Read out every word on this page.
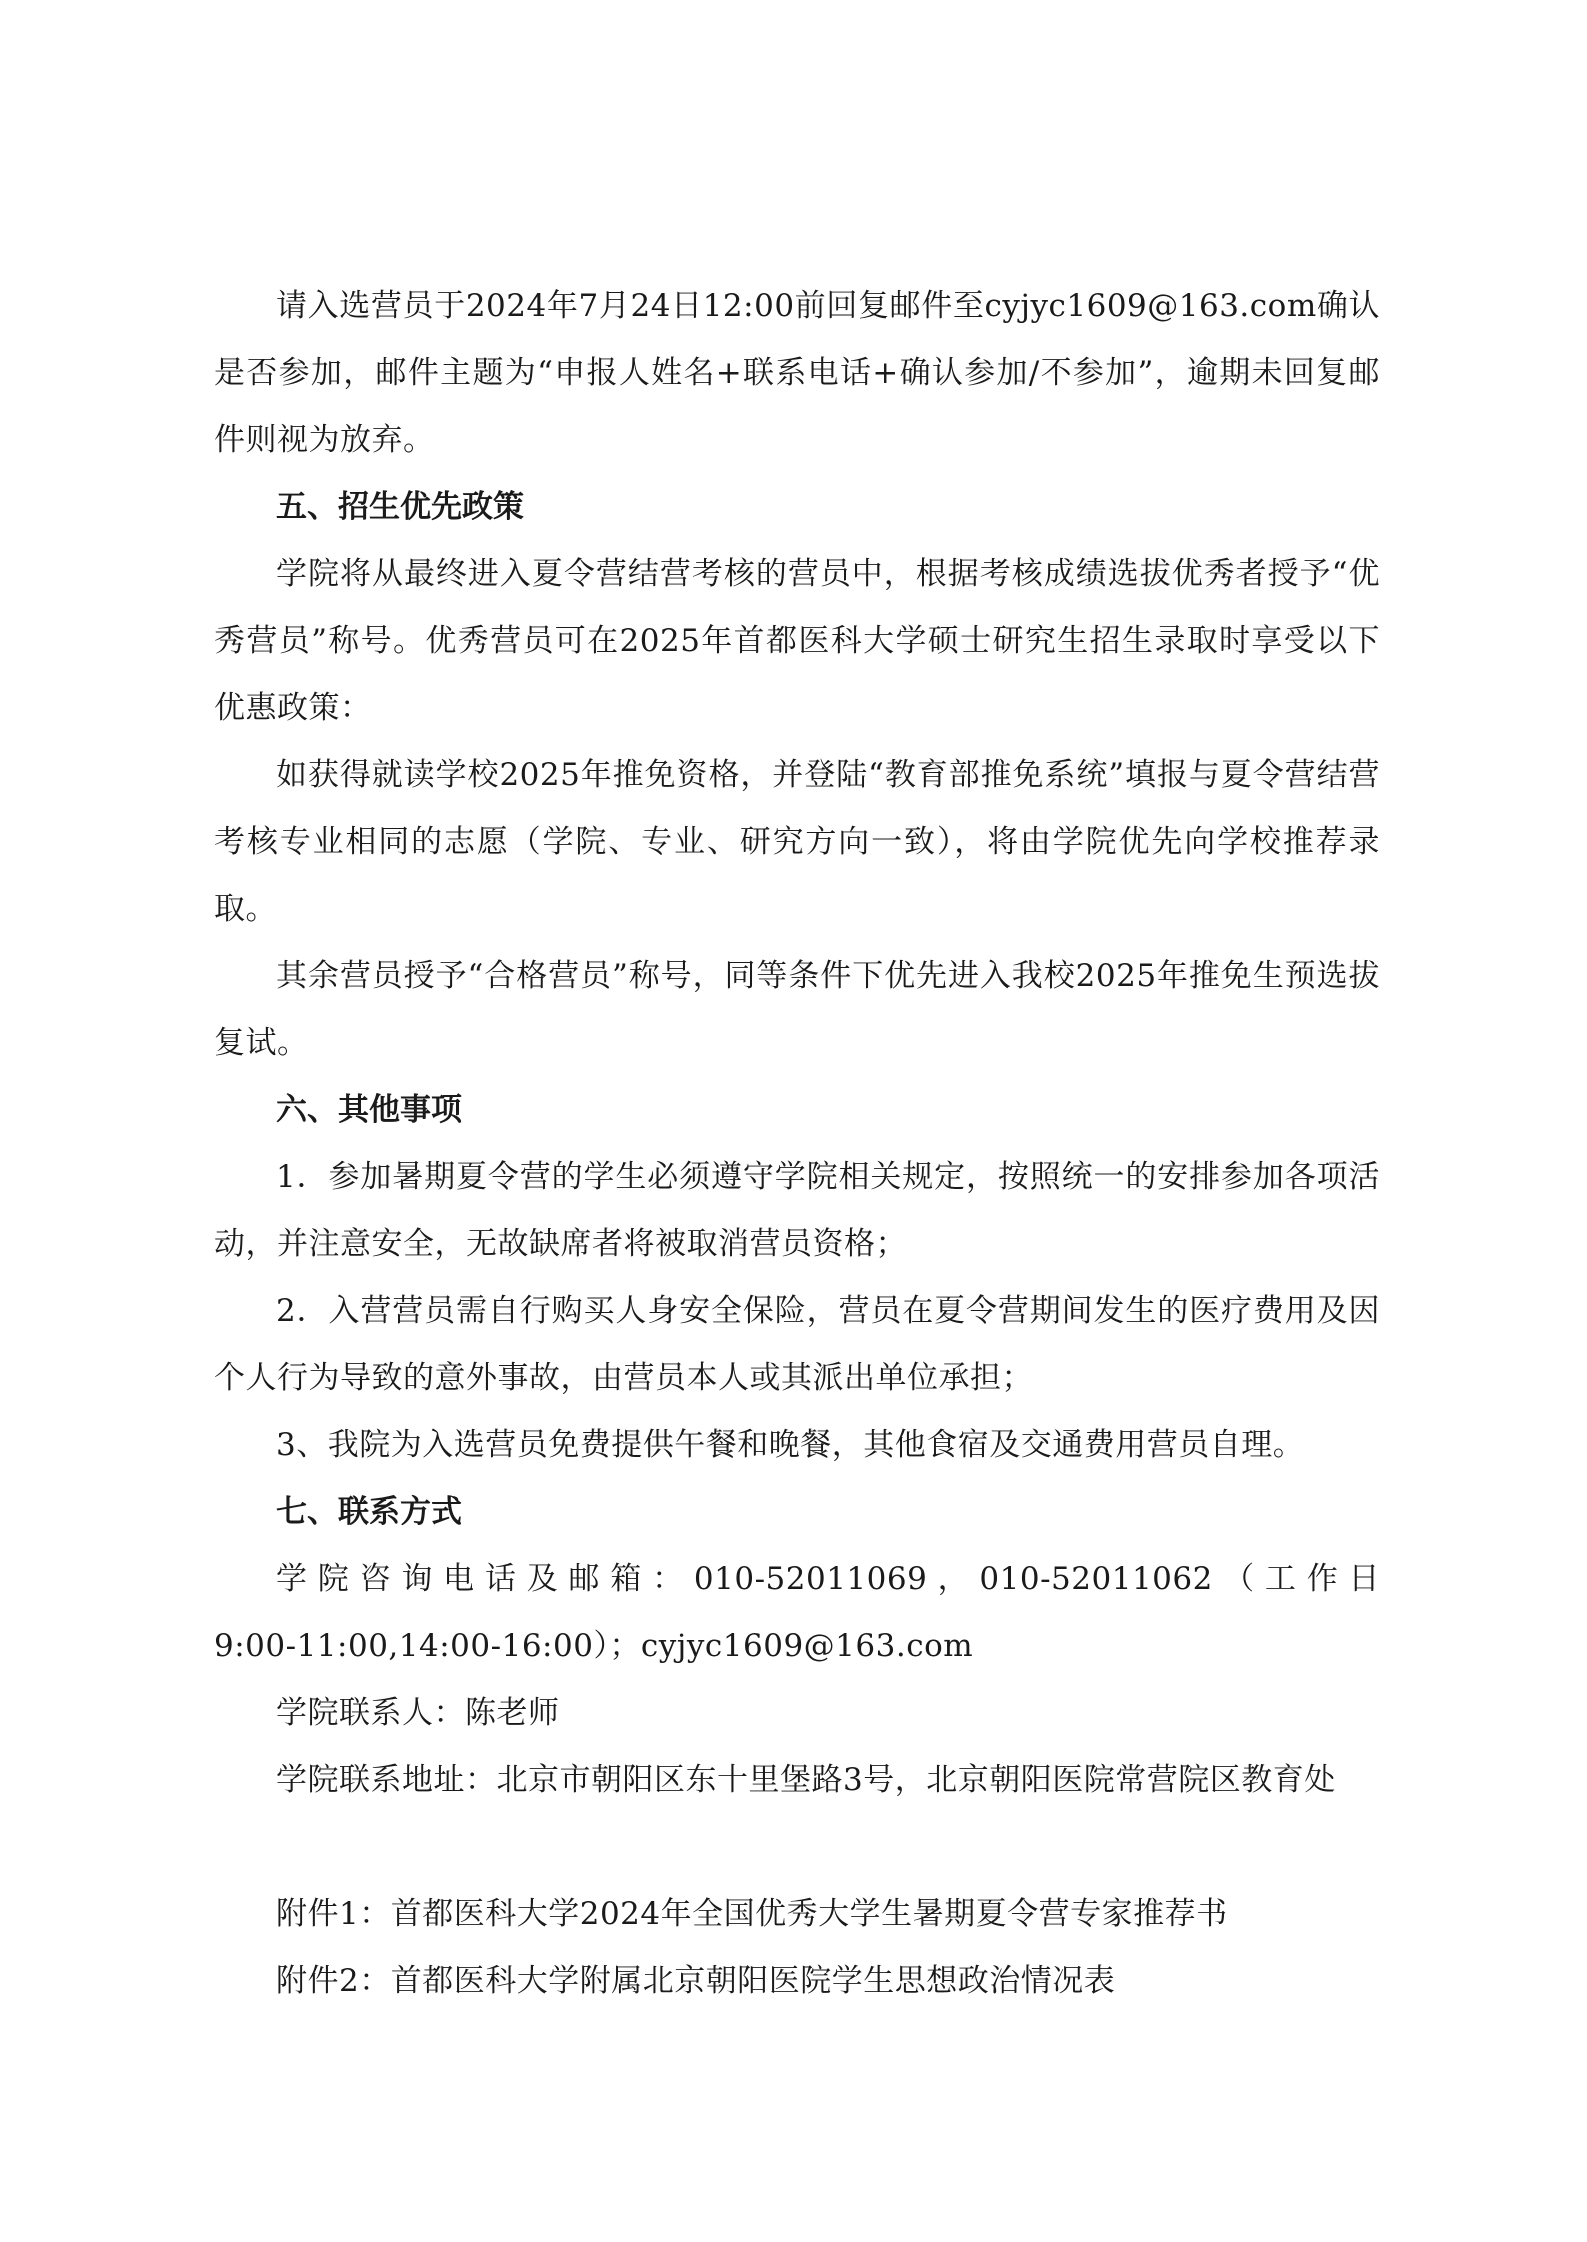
请入选营员于2024年7月24日12:00前回复邮件至cyjyc1609@163.com确认是否参加，邮件主题为“申报人姓名+联系电话+确认参加/不参加”，逾期未回复邮件则视为放弃。

五、招生优先政策

学院将从最终进入夏令营结营考核的营员中，根据考核成绩选拔优秀者授予“优秀营员”称号。优秀营员可在2025年首都医科大学硕士研究生招生录取时享受以下优惠政策：

如获得就读学校2025年推免资格，并登陆“教育部推免系统”填报与夏令营结营考核专业相同的志愿（学院、专业、研究方向一致），将由学院优先向学校推荐录取。

其余营员授予“合格营员”称号，同等条件下优先进入我校2025年推免生预选拔复试。

六、其他事项

1．参加暑期夏令营的学生必须遵守学院相关规定，按照统一的安排参加各项活动，并注意安全，无故缺席者将被取消营员资格；

2．入营营员需自行购买人身安全保险，营员在夏令营期间发生的医疗费用及因个人行为导致的意外事故，由营员本人或其派出单位承担；

3、我院为入选营员免费提供午餐和晚餐，其他食宿及交通费用营员自理。

七、联系方式

学院咨询电话及邮箱：010-52011069，010-52011062（工作日

9:00-11:00,14:00-16:00）；cyjyc1609@163.com

学院联系人：陈老师

学院联系地址：北京市朝阳区东十里堡路3号，北京朝阳医院常营院区教育处

附件1：首都医科大学2024年全国优秀大学生暑期夏令营专家推荐书

附件2：首都医科大学附属北京朝阳医院学生思想政治情况表
